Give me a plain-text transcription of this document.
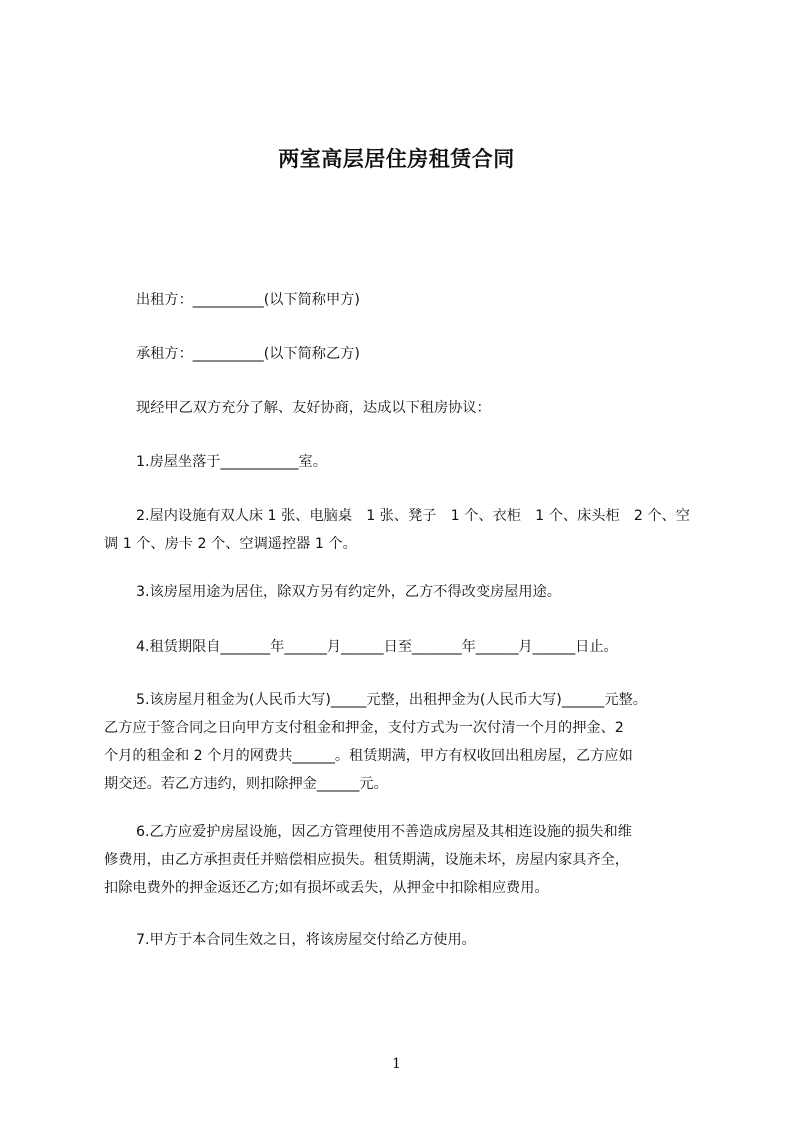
两室高层居住房租赁合同
出租方：__________(以下简称甲方)
承租方：__________(以下简称乙方)
现经甲乙双方充分了解、友好协商，达成以下租房协议：
1.房屋坐落于___________室。
2.屋内设施有双人床 1 张、电脑桌　1 张、凳子　1 个、衣柜　1 个、床头柜　2 个、空
调 1 个、房卡 2 个、空调遥控器 1 个。
3.该房屋用途为居住，除双方另有约定外，乙方不得改变房屋用途。
4.租赁期限自_______年______月______日至_______年______月______日止。
5.该房屋月租金为(人民币大写)_____元整，出租押金为(人民币大写)______元整。
乙方应于签合同之日向甲方支付租金和押金，支付方式为一次付清一个月的押金、2
个月的租金和 2 个月的网费共______。租赁期满，甲方有权收回出租房屋，乙方应如
期交还。若乙方违约，则扣除押金______元。
6.乙方应爱护房屋设施，因乙方管理使用不善造成房屋及其相连设施的损失和维
修费用，由乙方承担责任并赔偿相应损失。租赁期满，设施未坏，房屋内家具齐全，
扣除电费外的押金返还乙方;如有损坏或丢失，从押金中扣除相应费用。
7.甲方于本合同生效之日，将该房屋交付给乙方使用。
1
